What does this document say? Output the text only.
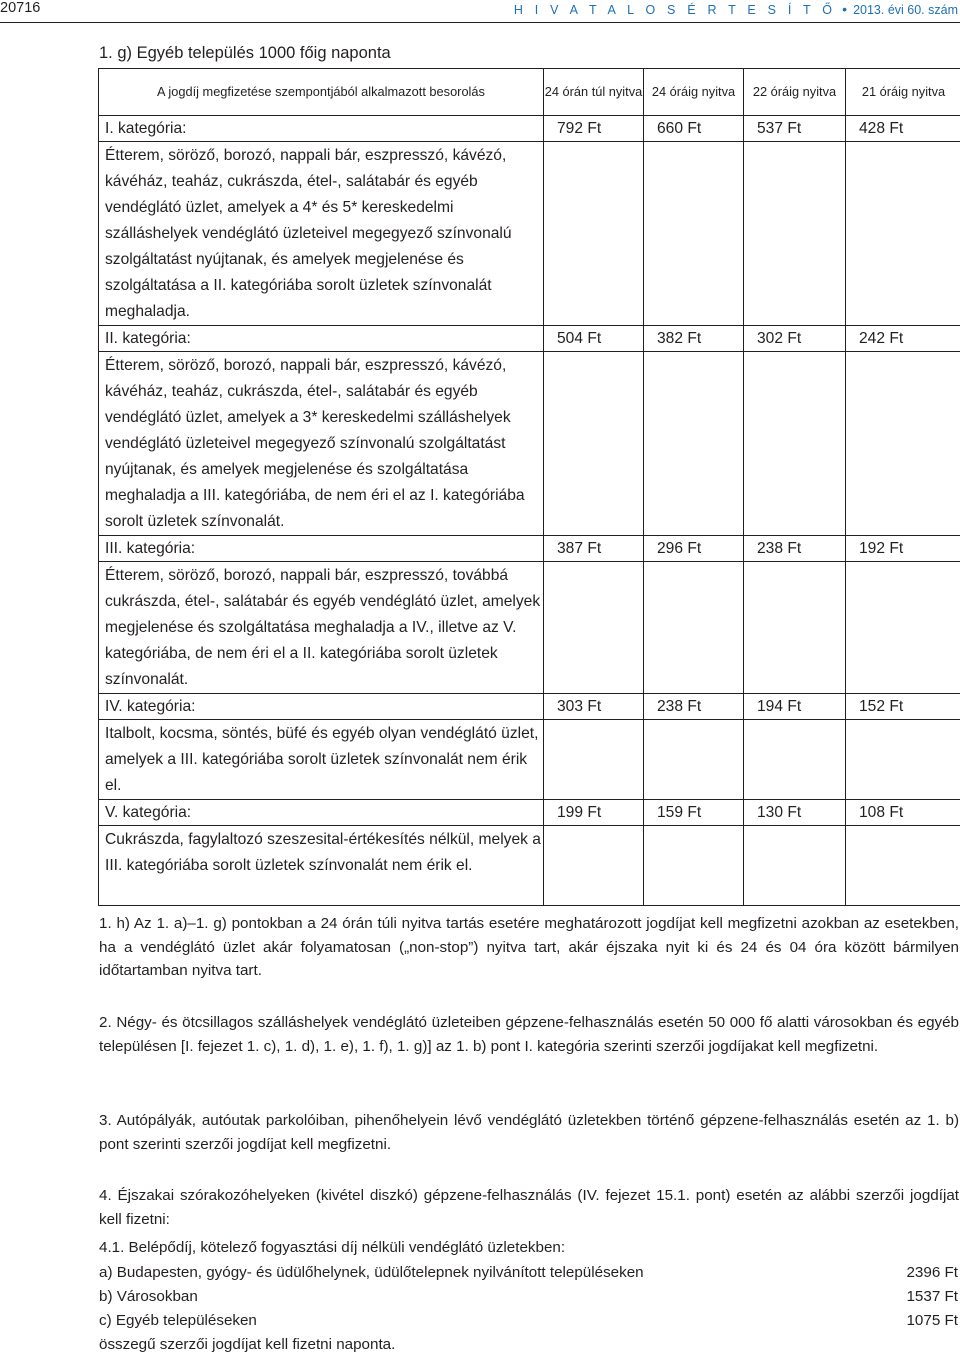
20716	H I V A T A L O S É R T E S Í T Ő • 2013. évi 60. szám
1. g) Egyéb település 1000 főig naponta
A jogdíj megfizetése szempontjából alkalmazott besorolás	24 órán túl nyitva	24 óráig nyitva	22 óráig nyitva	21 óráig nyitva
I. kategória:	792 Ft	660 Ft	537 Ft	428 Ft
Étterem, söröző, borozó, nappali bár, eszpresszó, kávézó, kávéház, teaház, cukrászda, étel-, salátabár és egyéb vendéglátó üzlet, amelyek a 4* és 5* kereskedelmi szálláshelyek vendéglátó üzleteivel megegyező színvonalú szolgáltatást nyújtanak, és amelyek megjelenése és szolgáltatása a II. kategóriába sorolt üzletek színvonalát meghaladja.				
II. kategória:	504 Ft	382 Ft	302 Ft	242 Ft
Étterem, söröző, borozó, nappali bár, eszpresszó, kávézó, kávéház, teaház, cukrászda, étel-, salátabár és egyéb vendéglátó üzlet, amelyek a 3* kereskedelmi szálláshelyek vendéglátó üzleteivel megegyező színvonalú szolgáltatást nyújtanak, és amelyek megjelenése és szolgáltatása meghaladja a III. kategóriába, de nem éri el az I. kategóriába sorolt üzletek színvonalát.				
III. kategória:	387 Ft	296 Ft	238 Ft	192 Ft
Étterem, söröző, borozó, nappali bár, eszpresszó, továbbá cukrászda, étel-, salátabár és egyéb vendéglátó üzlet, amelyek megjelenése és szolgáltatása meghaladja a IV., illetve az V. kategóriába, de nem éri el a II. kategóriába sorolt üzletek színvonalát.				
IV. kategória:	303 Ft	238 Ft	194 Ft	152 Ft
Italbolt, kocsma, söntés, büfé és egyéb olyan vendéglátó üzlet, amelyek a III. kategóriába sorolt üzletek színvonalát nem érik el.				
V. kategória:	199 Ft	159 Ft	130 Ft	108 Ft
Cukrászda, fagylaltozó szeszesital-értékesítés nélkül, melyek a III. kategóriába sorolt üzletek színvonalát nem érik el.				
1. h) Az 1. a)–1. g) pontokban a 24 órán túli nyitva tartás esetére meghatározott jogdíjat kell megfizetni azokban az esetekben, ha a vendéglátó üzlet akár folyamatosan („non-stop”) nyitva tart, akár éjszaka nyit ki és 24 és 04 óra között bármilyen időtartamban nyitva tart.
2. Négy- és ötcsillagos szálláshelyek vendéglátó üzleteiben gépzene-felhasználás esetén 50 000 fő alatti városokban és egyéb településen [I. fejezet 1. c), 1. d), 1. e), 1. f), 1. g)] az 1. b) pont I. kategória szerinti szerzői jogdíjakat kell megfizetni.
3. Autópályák, autóutak parkolóiban, pihenőhelyein lévő vendéglátó üzletekben történő gépzene-felhasználás esetén az 1. b) pont szerinti szerzői jogdíjat kell megfizetni.
4. Éjszakai szórakozóhelyeken (kivétel diszkó) gépzene-felhasználás (IV. fejezet 15.1. pont) esetén az alábbi szerzői jogdíjat kell fizetni:
4.1. Belépődíj, kötelező fogyasztási díj nélküli vendéglátó üzletekben:
a) Budapesten, gyógy- és üdülőhelynek, üdülőtelepnek nyilvánított településeken	2396 Ft
b) Városokban	1537 Ft
c) Egyéb településeken	1075 Ft
összegű szerzői jogdíjat kell fizetni naponta.
